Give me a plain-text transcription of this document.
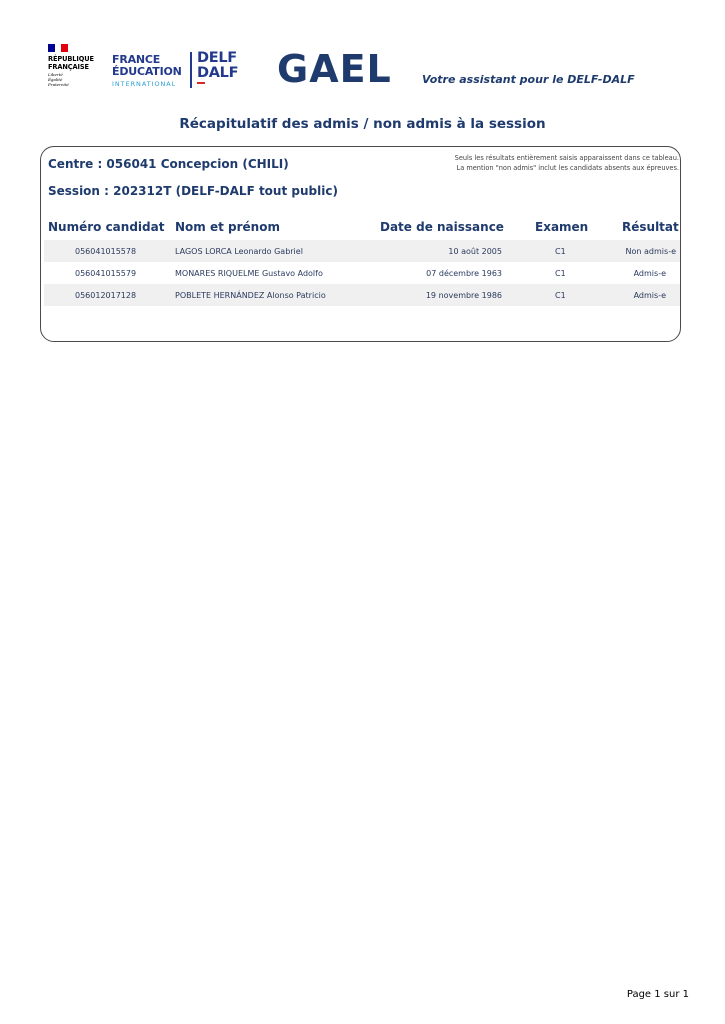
RÉPUBLIQUE
FRANÇAISE
Liberté
Égalité
Fraternité
FRANCE
ÉDUCATION
INTERNATIONAL
DELF
DALF GAEL	Votre assistant pour le DELF-DALF
Récapitulatif des admis / non admis à la session
Centre : 056041 Concepcion (CHILI)
Session : 202312T (DELF-DALF tout public)
Seuls les résultats entièrement saisis apparaissent dans ce tableau.
La mention "non admis" inclut les candidats absents aux épreuves.
Numéro candidat Nom et prénom	Date de naissance	Examen	Résultat
056041015578	LAGOS LORCA Leonardo Gabriel	10 août 2005	C1	Non admis-e
056041015579	MONARES RIQUELME Gustavo Adolfo	07 décembre 1963	C1	Admis-e
056012017128	POBLETE HERNÁNDEZ Alonso Patricio	19 novembre 1986	C1	Admis-e
Page 1 sur 1
